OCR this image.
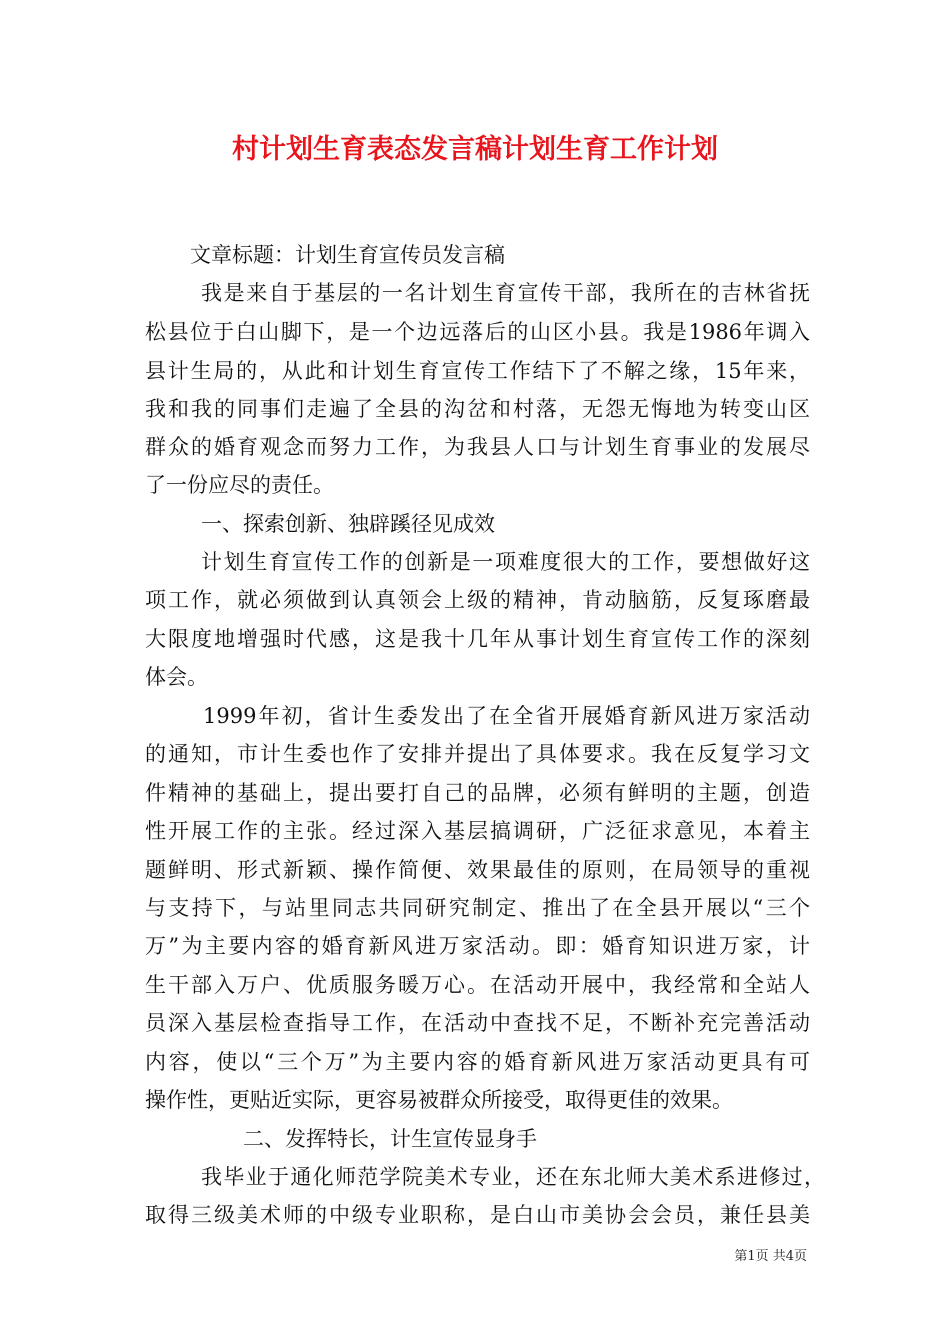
村计划生育表态发言稿计划生育工作计划
文章标题：计划生育宣传员发言稿
我是来自于基层的一名计划生育宣传干部，我所在的吉林省抚
松县位于白山脚下，是一个边远落后的山区小县。我是1986年调入
县计生局的，从此和计划生育宣传工作结下了不解之缘，15年来，
我和我的同事们走遍了全县的沟岔和村落，无怨无悔地为转变山区
群众的婚育观念而努力工作，为我县人口与计划生育事业的发展尽
了一份应尽的责任。
一、探索创新、独辟蹊径见成效
计划生育宣传工作的创新是一项难度很大的工作，要想做好这
项工作，就必须做到认真领会上级的精神，肯动脑筋，反复琢磨最
大限度地增强时代感，这是我十几年从事计划生育宣传工作的深刻
体会。
1999年初，省计生委发出了在全省开展婚育新风进万家活动
的通知，市计生委也作了安排并提出了具体要求。我在反复学习文
件精神的基础上，提出要打自己的品牌，必须有鲜明的主题，创造
性开展工作的主张。经过深入基层搞调研，广泛征求意见，本着主
题鲜明、形式新颖、操作简便、效果最佳的原则，在局领导的重视
与支持下，与站里同志共同研究制定、推出了在全县开展以“三个
万”为主要内容的婚育新风进万家活动。即：婚育知识进万家，计
生干部入万户、优质服务暖万心。在活动开展中，我经常和全站人
员深入基层检查指导工作，在活动中查找不足，不断补充完善活动
内容，使以“三个万”为主要内容的婚育新风进万家活动更具有可
操作性，更贴近实际，更容易被群众所接受，取得更佳的效果。
二、发挥特长，计生宣传显身手
我毕业于通化师范学院美术专业，还在东北师大美术系进修过，
取得三级美术师的中级专业职称，是白山市美协会会员，兼任县美
第1页 共4页
